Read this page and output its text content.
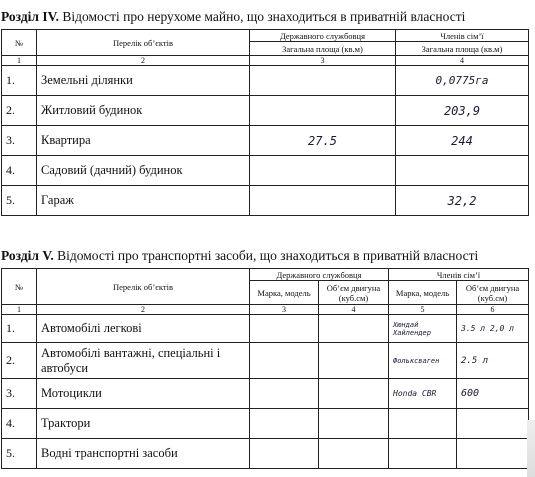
Розділ IV. Відомості про нерухоме майно, що знаходиться в приватній власності
№	Перелік об’єктів	Державного службовця	Членів сім’ї
		Загальна площа (кв.м)	Загальна площа (кв.м)
1	2	3	4
1.	Земельні ділянки		0,0775га
2.	Житловий будинок		203,9
3.	Квартира	27.5	244
4.	Садовий (дачний) будинок		
5.	Гараж		32,2
Розділ V. Відомості про транспортні засоби, що знаходиться в приватній власності
№	Перелік об’єктів	Державного службовця		Членів сім’ї	
		Марка, модель	Об’єм двигуна (куб.см)	Марка, модель	Об’єм двигуна (куб.см)
1	2	3	4	5	6
1.	Автомобілі легкові			Хюндай Хайлендер	3.5 л 2,0 л
2.	Автомобілі вантажні, спеціальні і автобуси			Фольксваген	2.5 л
3.	Мотоцикли			Honda CBR	600
4.	Трактори				
5.	Водні транспортні засоби				
